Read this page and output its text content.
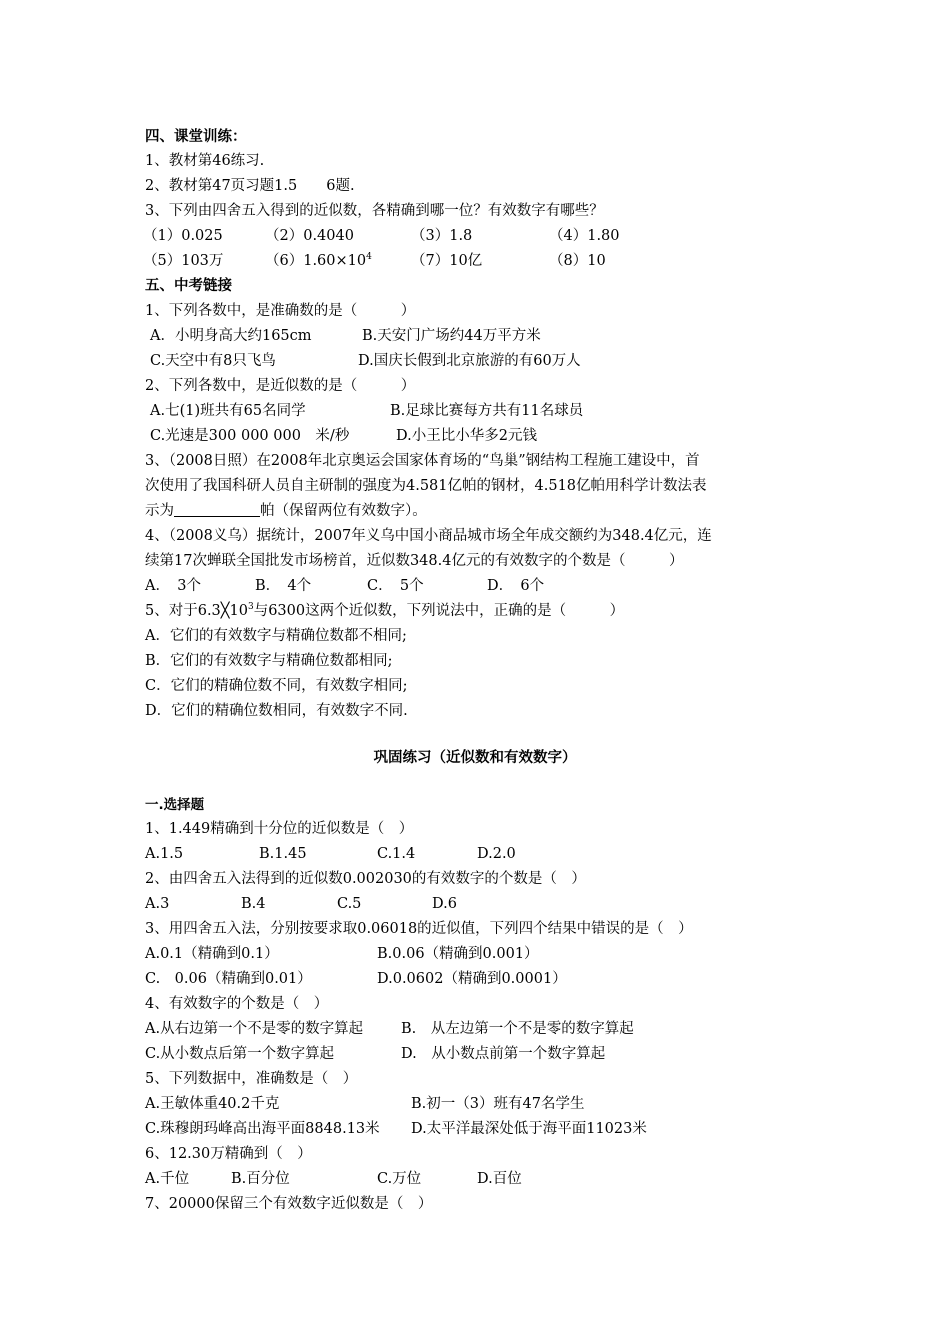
四、课堂训练：
1、教材第46练习.
2、教材第47页习题1.5　　6题.
3、下列由四舍五入得到的近似数，各精确到哪一位？有效数字有哪些？
（1）0.025	（2）0.4040	（3）1.8	（4）1.80
（5）103万	$(6)1.60\times 10^4$	（7）10亿	（8）10
五、中考链接
1、下列各数中，是准确数的是（　　　）
A．小明身高大约165cm	B.天安门广场约44万平方米
C.天空中有8只飞鸟	D.国庆长假到北京旅游的有60万人
2、下列各数中，是近似数的是（　　　）
A.七(1)班共有65名同学	B.足球比赛每方共有11名球员
C.光速是300 000 000　米/秒	D.小王比小华多2元钱
3、（2008日照）在2008年北京奥运会国家体育场的“鸟巢”钢结构工程施工建设中，首
次使用了我国科研人员自主研制的强度为4.581亿帕的钢材，4.518亿帕用科学计数法表
示为	帕（保留两位有效数字）。
4、（2008义乌）据统计，2007年义乌中国小商品城市场全年成交额约为348.4亿元，连
续第17次蝉联全国批发市场榜首，近似数348.4亿元的有效数字的个数是（　　　）
A．　3个	B．　4个	C．　5个	D．　6个
5、对于$6.3╳10^3$与6300这两个近似数，下列说法中，正确的是（　　　）
A．它们的有效数字与精确位数都不相同;
B．它们的有效数字与精确位数都相同;
C．它们的精确位数不同，有效数字相同;
D．它们的精确位数相同，有效数字不同.
巩固练习（近似数和有效数字）
一.选择题
1、1.449精确到十分位的近似数是（　）
A.1.5	B.1.45	C.1.4	D.2.0
2、由四舍五入法得到的近似数0.002030的有效数字的个数是（　）
A.3	B.4	C.5	D.6
3、用四舍五入法，分别按要求取0.06018的近似值，下列四个结果中错误的是（　）
A.0.1（精确到0.1）	B.0.06（精确到0.001）
C.　0.06（精确到0.01）	D.0.0602（精确到0.0001）
4、有效数字的个数是（　）
A.从右边第一个不是零的数字算起	B.　从左边第一个不是零的数字算起
C.从小数点后第一个数字算起	D.　从小数点前第一个数字算起
5、下列数据中，准确数是（　）
A.王敏体重40.2千克	B.初一（3）班有47名学生
C.珠穆朗玛峰高出海平面8848.13米 D.太平洋最深处低于海平面11023米
6、12.30万精确到（　）
A.千位	B.百分位	C.万位	D.百位
7、20000保留三个有效数字近似数是（　）
